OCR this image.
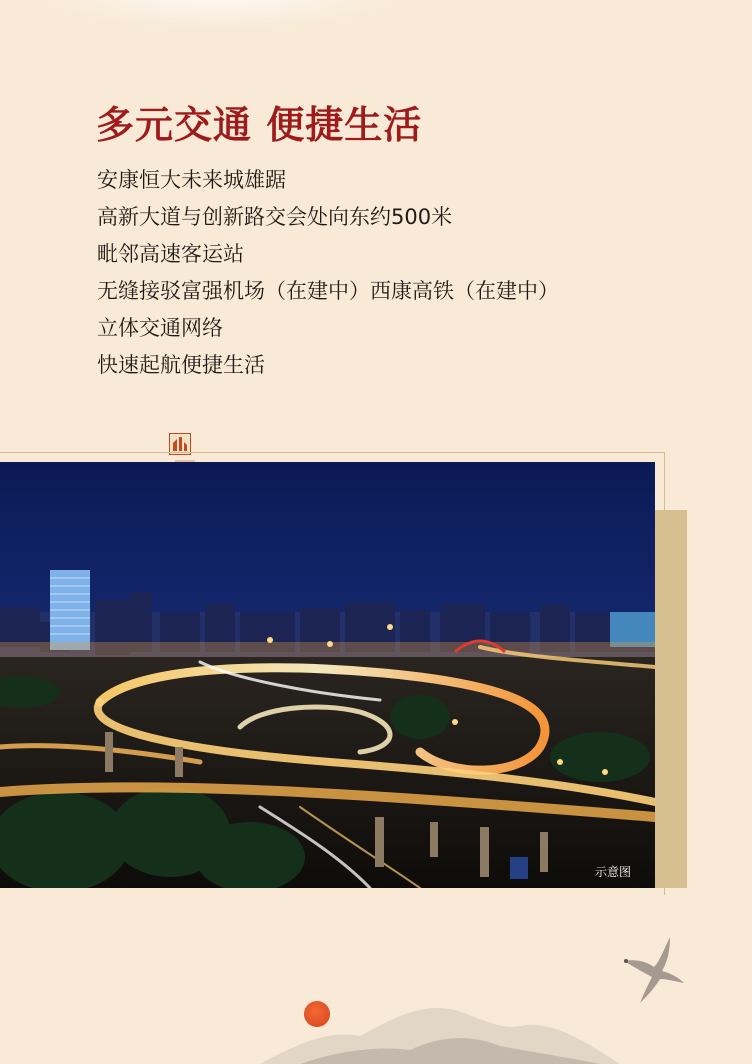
多元交通 便捷生活
安康恒大未来城雄踞
高新大道与创新路交会处向东约500米
毗邻高速客运站
无缝接驳富强机场（在建中）西康高铁（在建中）
立体交通网络
快速起航便捷生活
示意图
